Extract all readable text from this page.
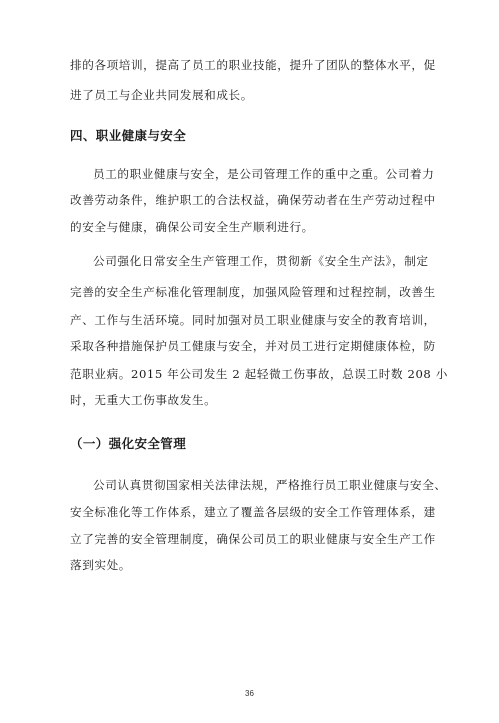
排的各项培训，提高了员工的职业技能，提升了团队的整体水平，促
进了员工与企业共同发展和成长。
四、职业健康与安全
员工的职业健康与安全，是公司管理工作的重中之重。公司着力
改善劳动条件，维护职工的合法权益，确保劳动者在生产劳动过程中
的安全与健康，确保公司安全生产顺利进行。
公司强化日常安全生产管理工作，贯彻新《安全生产法》，制定
完善的安全生产标准化管理制度，加强风险管理和过程控制，改善生
产、工作与生活环境。同时加强对员工职业健康与安全的教育培训，
采取各种措施保护员工健康与安全，并对员工进行定期健康体检，防
范职业病。2015 年公司发生 2 起轻微工伤事故，总误工时数 208 小
时，无重大工伤事故发生。
（一）强化安全管理
公司认真贯彻国家相关法律法规，严格推行员工职业健康与安全、
安全标准化等工作体系，建立了覆盖各层级的安全工作管理体系，建
立了完善的安全管理制度，确保公司员工的职业健康与安全生产工作
落到实处。
36
